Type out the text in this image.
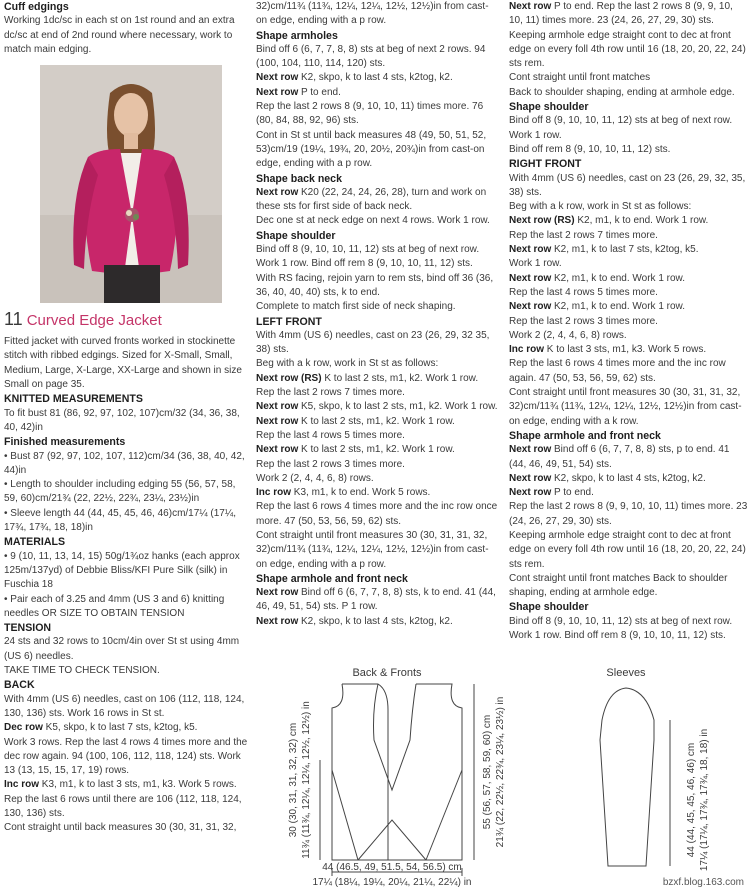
Cuff edgings

Working 1dc/sc in each st on 1st round and an extra dc/sc at end of 2nd round where necessary, work to match main edging.

11 Curved Edge Jacket

Fitted jacket with curved fronts worked in stockinette stitch with ribbed edgings. Sized for X-Small, Small, Medium, Large, X-Large, XX-Large and shown in size Small on page 35.

KNITTED MEASUREMENTS

To fit bust 81 (86, 92, 97, 102, 107)cm/32 (34, 36, 38, 40, 42)in

Finished measurements

• Bust 87 (92, 97, 102, 107, 112)cm/34 (36, 38, 40, 42, 44)in

• Length to shoulder including edging 55 (56, 57, 58, 59, 60)cm/21¾ (22, 22½, 22¾, 23¼, 23½)in

• Sleeve length 44 (44, 45, 45, 46, 46)cm/17¼ (17¼, 17¾, 17¾, 18, 18)in

MATERIALS

• 9 (10, 11, 13, 14, 15) 50g/1¾oz hanks (each approx 125m/137yd) of Debbie Bliss/KFI Pure Silk (silk) in Fuschia 18

• Pair each of 3.25 and 4mm (US 3 and 6) knitting needles OR SIZE TO OBTAIN TENSION

TENSION

24 sts and 32 rows to 10cm/4in over St st using 4mm (US 6) needles.

TAKE TIME TO CHECK TENSION.

BACK

With 4mm (US 6) needles, cast on 106 (112, 118, 124, 130, 136) sts. Work 16 rows in St st.

Dec row K5, skpo, k to last 7 sts, k2tog, k5.

Work 3 rows. Rep the last 4 rows 4 times more and the dec row again. 94 (100, 106, 112, 118, 124) sts. Work 13 (13, 15, 15, 17, 19) rows.

Inc row K3, m1, k to last 3 sts, m1, k3. Work 5 rows. Rep the last 6 rows until there are 106 (112, 118, 124, 130, 136) sts.

Cont straight until back measures 30 (30, 31, 31, 32,

32)cm/11¾ (11¾, 12¼, 12¼, 12½, 12½)in from cast-on edge, ending with a p row.

Shape armholes

Bind off 6 (6, 7, 7, 8, 8) sts at beg of next 2 rows. 94 (100, 104, 110, 114, 120) sts.

Next row K2, skpo, k to last 4 sts, k2tog, k2.

Next row P to end.

Rep the last 2 rows 8 (9, 10, 10, 11) times more. 76 (80, 84, 88, 92, 96) sts.

Cont in St st until back measures 48 (49, 50, 51, 52, 53)cm/19 (19¼, 19¾, 20, 20½, 20¾)in from cast-on edge, ending with a p row.

Shape back neck

Next row K20 (22, 24, 24, 26, 28), turn and work on these sts for first side of back neck.

Dec one st at neck edge on next 4 rows. Work 1 row.

Shape shoulder

Bind off 8 (9, 10, 10, 11, 12) sts at beg of next row. Work 1 row. Bind off rem 8 (9, 10, 10, 11, 12) sts.

With RS facing, rejoin yarn to rem sts, bind off 36 (36, 36, 40, 40, 40) sts, k to end.

Complete to match first side of neck shaping.

LEFT FRONT

With 4mm (US 6) needles, cast on 23 (26, 29, 32 35, 38) sts.

Beg with a k row, work in St st as follows:

Next row (RS) K to last 2 sts, m1, k2. Work 1 row.

Rep the last 2 rows 7 times more.

Next row K5, skpo, k to last 2 sts, m1, k2. Work 1 row.

Next row K to last 2 sts, m1, k2. Work 1 row.

Rep the last 4 rows 5 times more.

Next row K to last 2 sts, m1, k2. Work 1 row.

Rep the last 2 rows 3 times more.

Work 2 (2, 4, 4, 6, 8) rows.

Inc row K3, m1, k to end. Work 5 rows.

Rep the last 6 rows 4 times more and the inc row once more. 47 (50, 53, 56, 59, 62) sts.

Cont straight until front measures 30 (30, 31, 31, 32, 32)cm/11¾ (11¾, 12¼, 12¼, 12½, 12½)in from cast-on edge, ending with a p row.

Shape armhole and front neck

Next row Bind off 6 (6, 7, 7, 8, 8) sts, k to end. 41 (44, 46, 49, 51, 54) sts. P 1 row.

Next row K2, skpo, k to last 4 sts, k2tog, k2.

Next row P to end. Rep the last 2 rows 8 (9, 9, 10, 10, 11) times more. 23 (24, 26, 27, 29, 30) sts. Keeping armhole edge straight cont to dec at front edge on every foll 4th row until 16 (18, 20, 20, 22, 24) sts rem.

Cont straight until front matches

Back to shoulder shaping, ending at armhole edge.

Shape shoulder

Bind off 8 (9, 10, 10, 11, 12) sts at beg of next row.

Work 1 row.

Bind off rem 8 (9, 10, 10, 11, 12) sts.

RIGHT FRONT

With 4mm (US 6) needles, cast on 23 (26, 29, 32, 35, 38) sts.

Beg with a k row, work in St st as follows:

Next row (RS) K2, m1, k to end. Work 1 row.

Rep the last 2 rows 7 times more.

Next row K2, m1, k to last 7 sts, k2tog, k5.

Work 1 row.

Next row K2, m1, k to end. Work 1 row.

Rep the last 4 rows 5 times more.

Next row K2, m1, k to end. Work 1 row.

Rep the last 2 rows 3 times more.

Work 2 (2, 4, 4, 6, 8) rows.

Inc row K to last 3 sts, m1, k3. Work 5 rows.

Rep the last 6 rows 4 times more and the inc row again. 47 (50, 53, 56, 59, 62) sts.

Cont straight until front measures 30 (30, 31, 31, 32, 32)cm/11¾ (11¾, 12¼, 12¼, 12½, 12½)in from cast-on edge, ending with a k row.

Shape armhole and front neck

Next row Bind off 6 (6, 7, 7, 8, 8) sts, p to end. 41 (44, 46, 49, 51, 54) sts.

Next row K2, skpo, k to last 4 sts, k2tog, k2.

Next row P to end.

Rep the last 2 rows 8 (9, 9, 10, 10, 11) times more. 23 (24, 26, 27, 29, 30) sts.

Keeping armhole edge straight cont to dec at front edge on every foll 4th row until 16 (18, 20, 20, 22, 24) sts rem.

Cont straight until front matches Back to shoulder shaping, ending at armhole edge.

Shape shoulder

Bind off 8 (9, 10, 10, 11, 12) sts at beg of next row. Work 1 row. Bind off rem 8 (9, 10, 10, 11, 12) sts.

Back & Fronts
44 (46.5, 49, 51.5, 54, 56.5) cm
17¼ (18¼, 19¼, 20¼, 21¼, 22¼) in
30 (30, 31, 31, 32, 32) cm 11¾ (11¾, 12¼, 12¼, 12½, 12½) in	55 (56, 57, 58, 59, 60) cm 21¾ (22, 22½, 22¾, 23¼, 23½) in
Sleeves
44 (44, 45, 45, 46, 46) cm 17¼ (17¼, 17¾, 17¾, 18, 18) in
bzxf.blog.163.com
